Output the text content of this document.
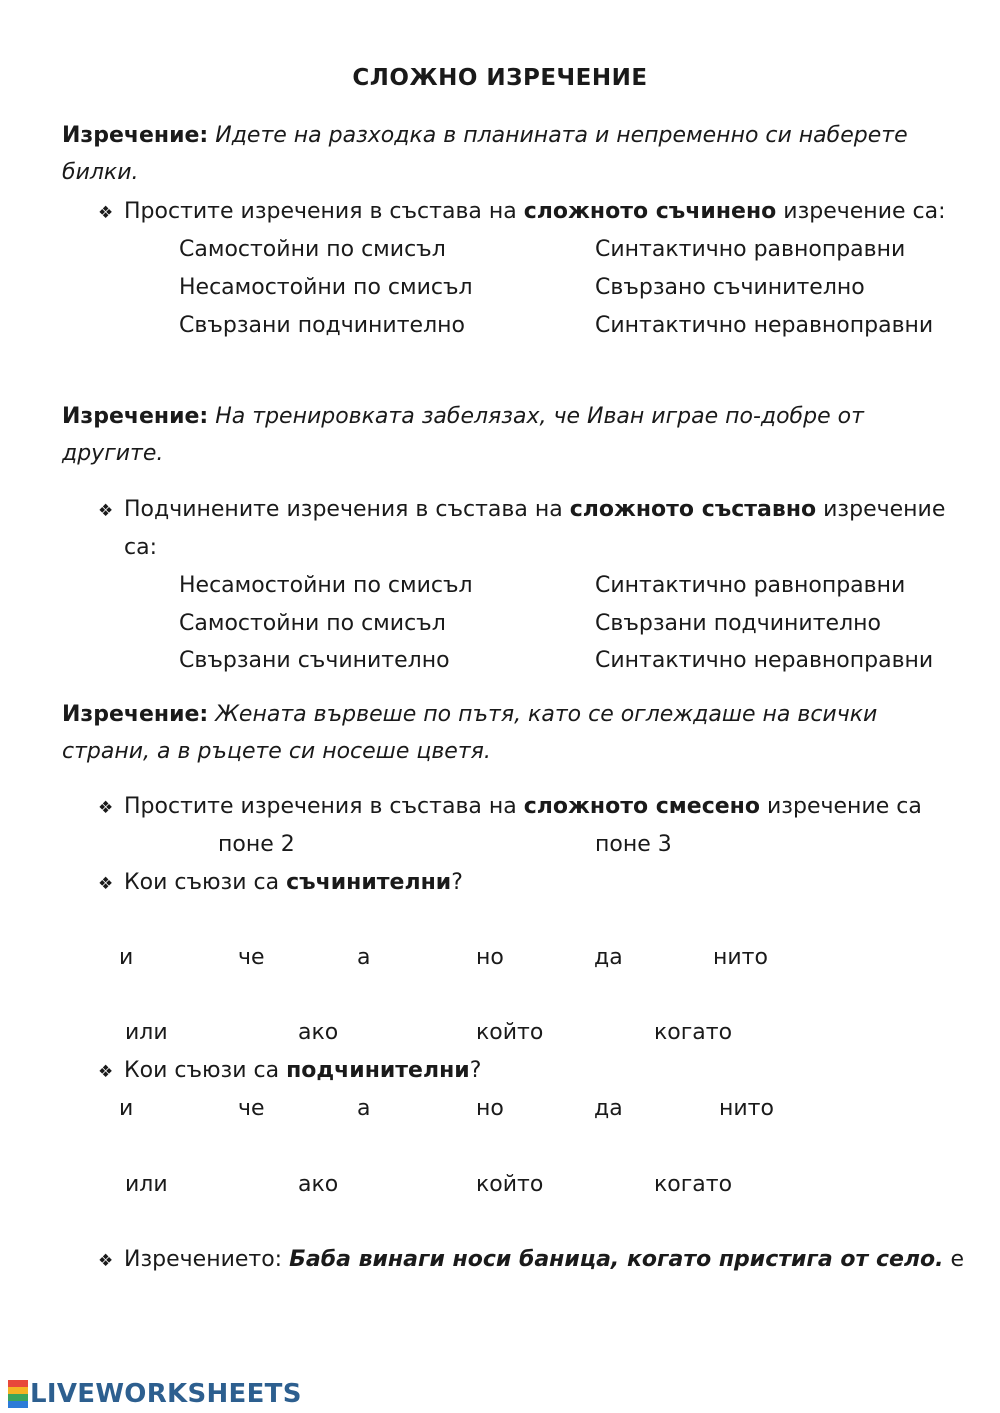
СЛОЖНО ИЗРЕЧЕНИЕ
Изречение: Идете на разходка в планината и непременно си наберете
билки.
❖ Простите изречения в състава на сложното съчинено изречение са:
Самостойни по смисъл	Синтактично равноправни
Несамостойни по смисъл	Свързано съчинително
Свързани подчинително	Синтактично неравноправни
Изречение: На тренировката забелязах, че Иван играе по-добре от
другите.
❖ Подчинените изречения в състава на сложното съставно изречение
са:
Несамостойни по смисъл	Синтактично равноправни
Самостойни по смисъл	Свързани подчинително
Свързани съчинително	Синтактично неравноправни
Изречение: Жената вървеше по пътя, като се оглеждаше на всички
страни, а в ръцете си носеше цветя.
❖ Простите изречения в състава на сложното смесено изречение са
поне 2	поне 3
❖ Кои съюзи са съчинителни?
и	че	а	но	да	нито
или	ако	който	когато
❖ Кои съюзи са подчинителни?
и	че	а	но	да	нито
или	ако	който	когато
❖ Изречението: Баба винаги носи баница, когато пристига от село. е
LIVEWORKSHEETS
